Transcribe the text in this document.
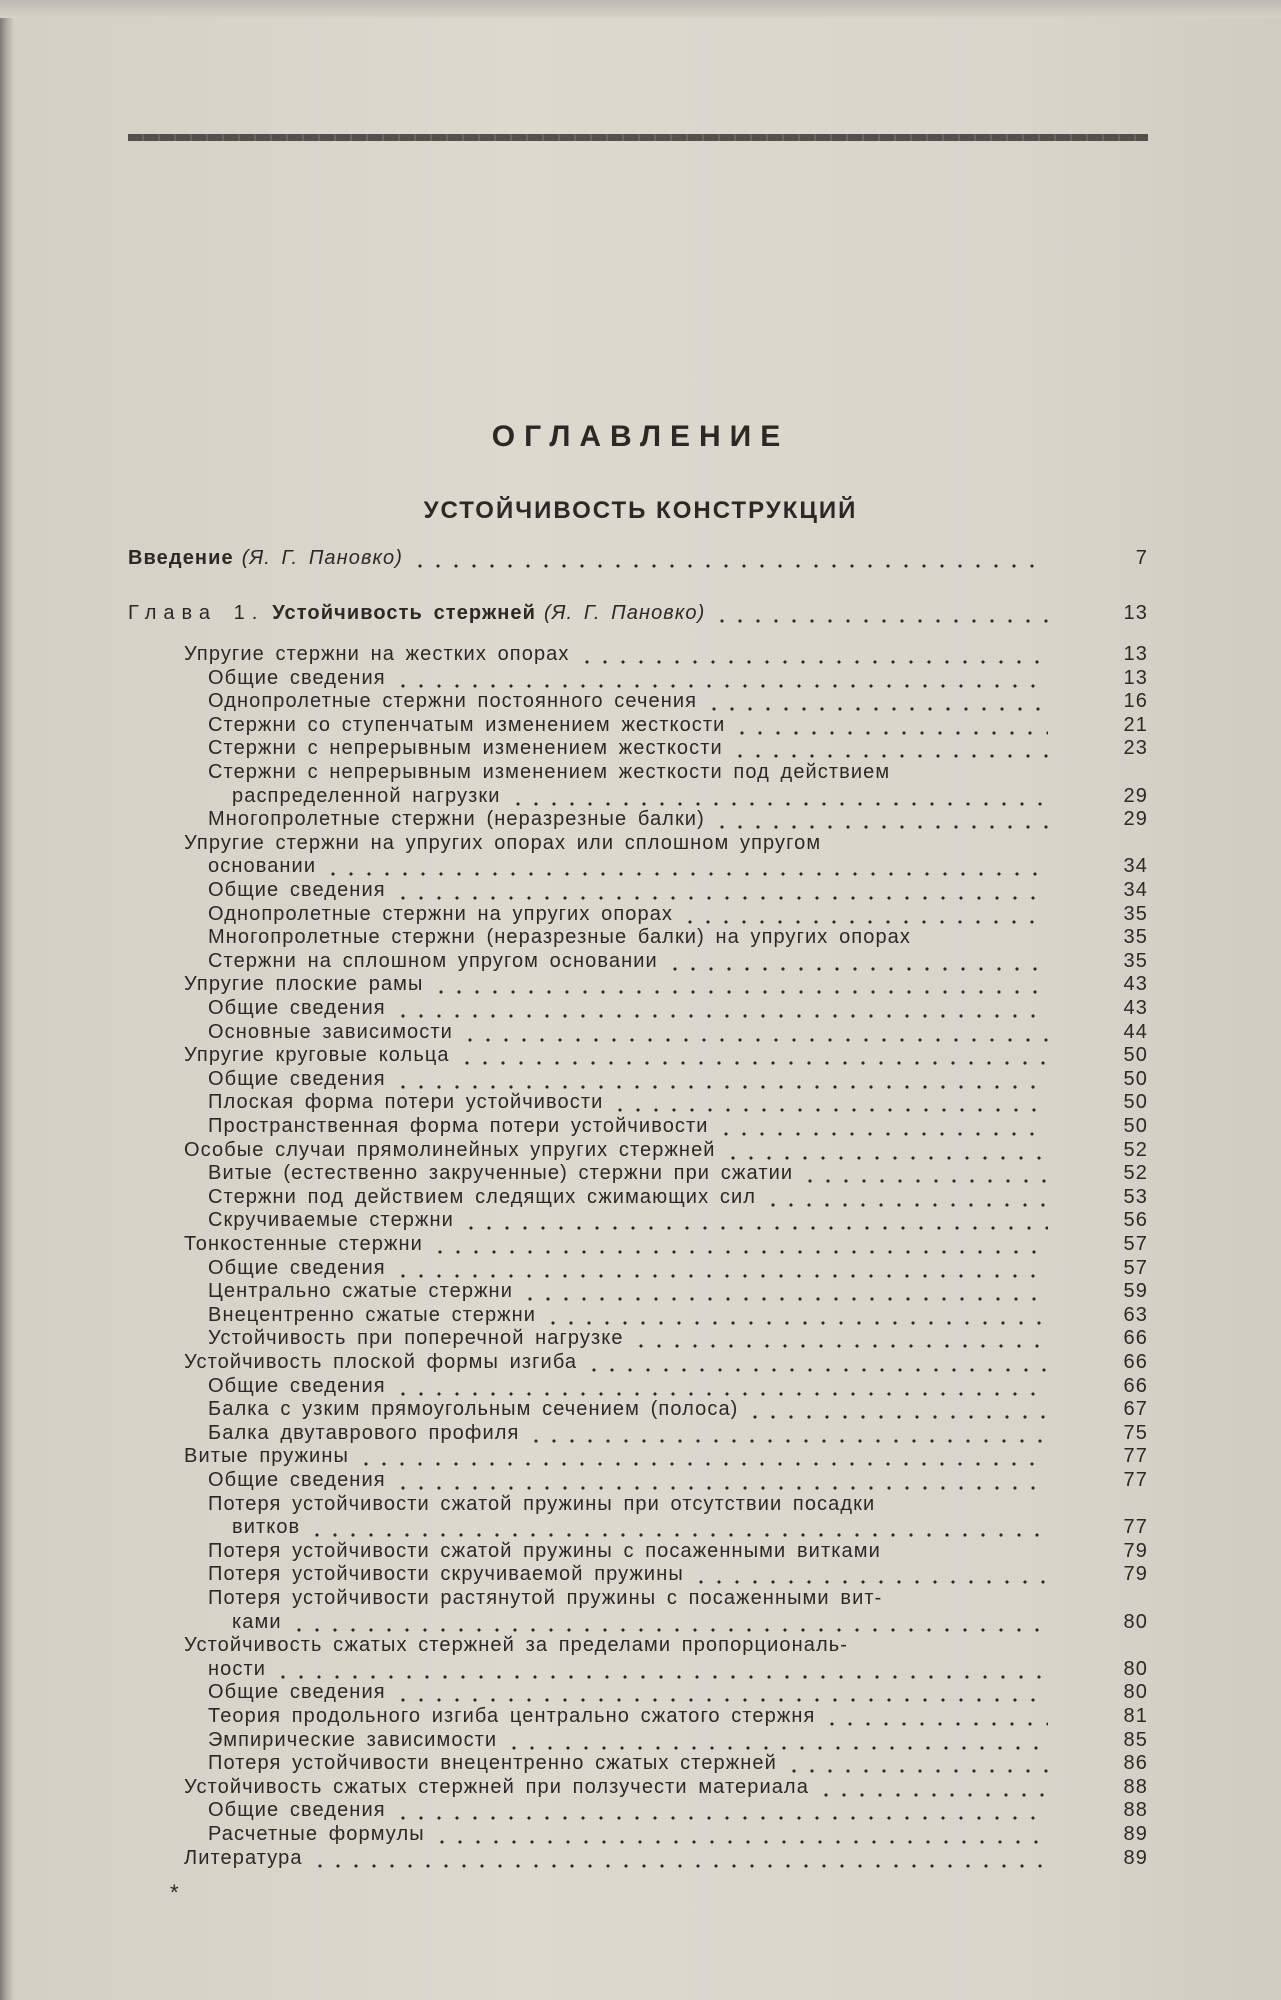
ОГЛАВЛЕНИЕ
УСТОЙЧИВОСТЬ КОНСТРУКЦИЙ
Введение (Я. Г. Пановко)	7
Глава 1. Устойчивость стержней (Я. Г. Пановко)	13
Упругие стержни на жестких опорах	13
Общие сведения	13
Однопролетные стержни постоянного сечения	16
Стержни со ступенчатым изменением жесткости	21
Стержни с непрерывным изменением жесткости	23
Стержни с непрерывным изменением жесткости под действием
распределенной нагрузки	29
Многопролетные стержни (неразрезные балки)	29
Упругие стержни на упругих опорах или сплошном упругом
основании	34
Общие сведения	34
Однопролетные стержни на упругих опорах	35
Многопролетные стержни (неразрезные балки) на упругих опорах	35
Стержни на сплошном упругом основании	35
Упругие плоские рамы	43
Общие сведения	43
Основные зависимости	44
Упругие круговые кольца	50
Общие сведения	50
Плоская форма потери устойчивости	50
Пространственная форма потери устойчивости	50
Особые случаи прямолинейных упругих стержней	52
Витые (естественно закрученные) стержни при сжатии	52
Стержни под действием следящих сжимающих сил	53
Скручиваемые стержни	56
Тонкостенные стержни	57
Общие сведения	57
Центрально сжатые стержни	59
Внецентренно сжатые стержни	63
Устойчивость при поперечной нагрузке	66
Устойчивость плоской формы изгиба	66
Общие сведения	66
Балка с узким прямоугольным сечением (полоса)	67
Балка двутаврового профиля	75
Витые пружины	77
Общие сведения	77
Потеря устойчивости сжатой пружины при отсутствии посадки
витков	77
Потеря устойчивости сжатой пружины с посаженными витками	79
Потеря устойчивости скручиваемой пружины	79
Потеря устойчивости растянутой пружины с посаженными вит-
ками	80
Устойчивость сжатых стержней за пределами пропорциональ-
ности	80
Общие сведения	80
Теория продольного изгиба центрально сжатого стержня	81
Эмпирические зависимости	85
Потеря устойчивости внецентренно сжатых стержней	86
Устойчивость сжатых стержней при ползучести материала	88
Общие сведения	88
Расчетные формулы	89
Литература	89
*
